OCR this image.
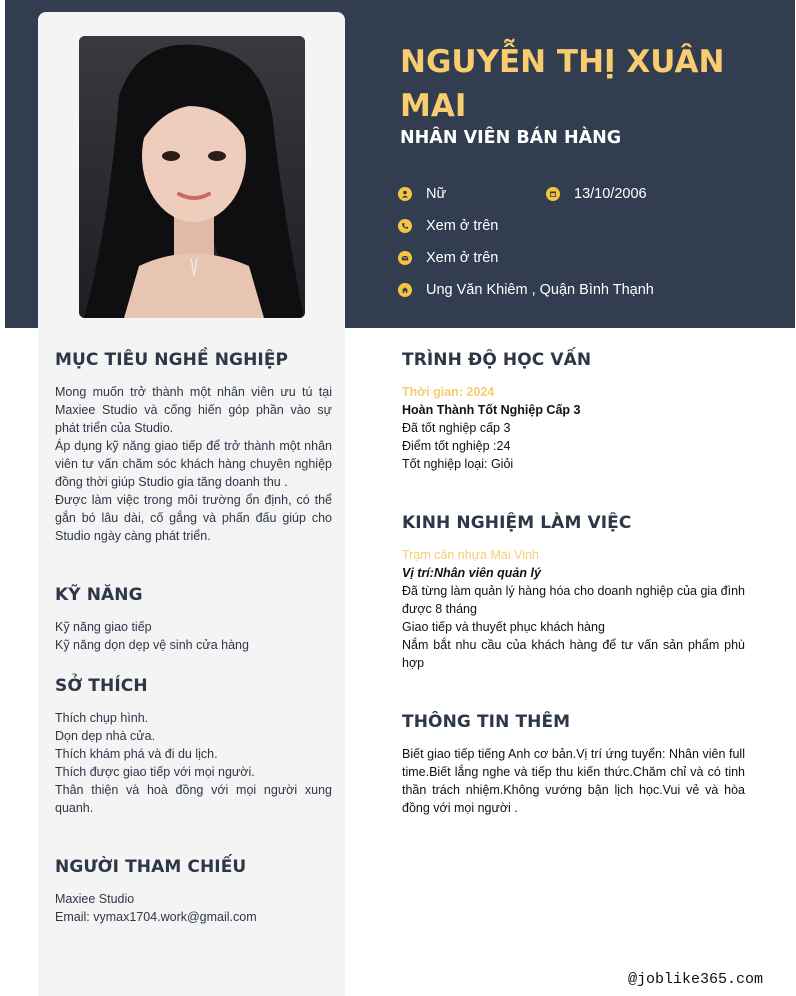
NGUYỄN THỊ XUÂN MAI
NHÂN VIÊN BÁN HÀNG
Nữ	13/10/2006
Xem ở trên
Xem ở trên
Ung Văn Khiêm , Quận Bình Thạnh
MỤC TIÊU NGHỀ NGHIỆP

Mong muốn trở thành một nhân viên ưu tú tại Maxiee Studio và cống hiến góp phần vào sự phát triển của Studio.

Áp dụng kỹ năng giao tiếp để trở thành một nhân viên tư vấn chăm sóc khách hàng chuyên nghiệp đồng thời giúp Studio gia tăng doanh thu .

Được làm việc trong môi trường ổn định, có thể gắn bó lâu dài, cố gắng và phấn đấu giúp cho Studio ngày càng phát triển.

KỸ NĂNG

Kỹ năng giao tiếp

Kỹ năng dọn dẹp vệ sinh cửa hàng

SỞ THÍCH

Thích chụp hình.

Dọn dẹp nhà cửa.

Thích khám phá và đi du lịch.

Thích được giao tiếp với mọi người.

Thân thiện và hoà đồng với mọi người xung quanh.

NGƯỜI THAM CHIẾU

Maxiee Studio

Email: vymax1704.work@gmail.com

TRÌNH ĐỘ HỌC VẤN

Thời gian: 2024

Hoàn Thành Tốt Nghiệp Cấp 3

Đã tốt nghiệp cấp 3

Điểm tốt nghiệp :24

Tốt nghiệp loại: Giỏi

KINH NGHIỆM LÀM VIỆC

Trạm cân nhựa Mai Vinh

Vị trí:Nhân viên quản lý

Đã từng làm quản lý hàng hóa cho doanh nghiệp của gia đình được 8 tháng

Giao tiếp và thuyết phục khách hàng

Nắm bắt nhu cầu của khách hàng để tư vấn sản phẩm phù hợp

THÔNG TIN THÊM

Biết giao tiếp tiếng Anh cơ bản.Vị trí ứng tuyển: Nhân viên full time.Biết lắng nghe và tiếp thu kiến thức.Chăm chỉ và có tinh thần trách nhiệm.Không vướng bận lịch học.Vui vẻ và hòa đồng với mọi người .

@joblike365.com
